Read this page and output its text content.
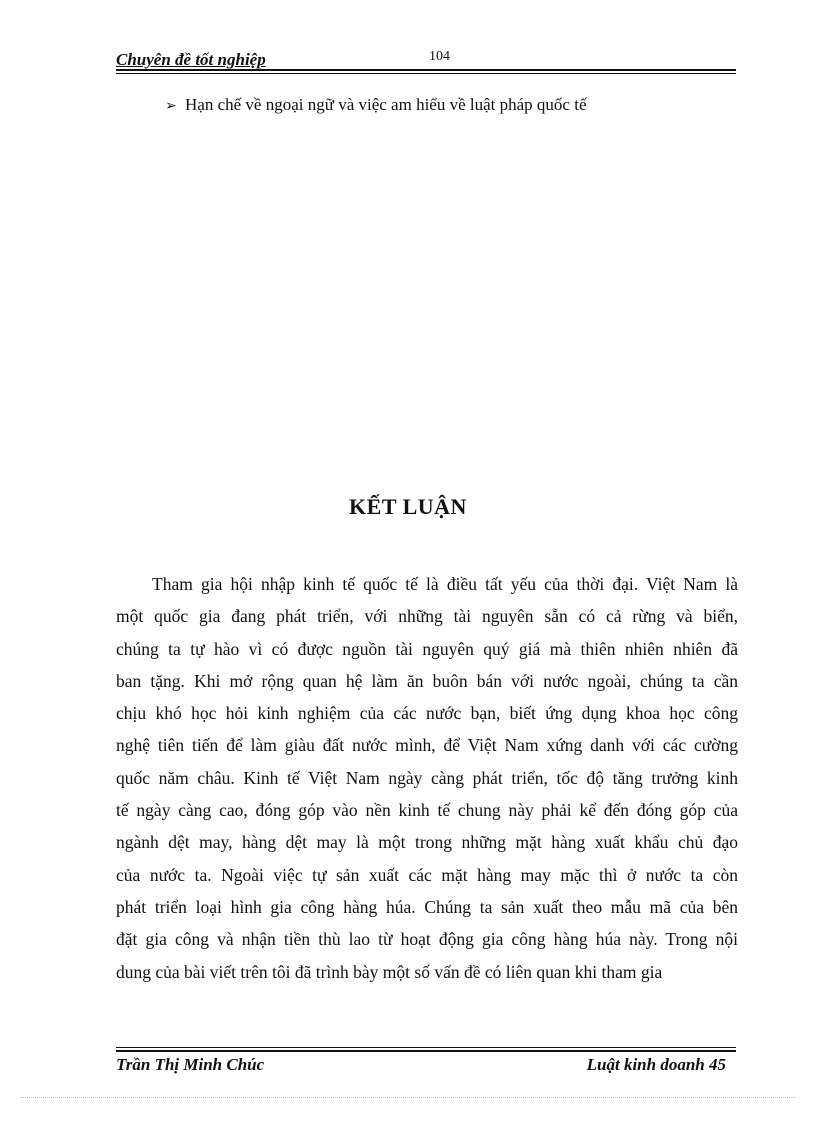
Chuyên đề tốt nghiệp	104
➢ Hạn chế về ngoại ngữ và việc am hiểu về luật pháp quốc tế
KẾT LUẬN
Tham gia hội nhập kinh tế quốc tế là điều tất yếu của thời đại. Việt Nam là
một quốc gia đang phát triển, với những tài nguyên sẵn có cả rừng và biển,
chúng ta tự hào vì có được nguồn tài nguyên quý giá mà thiên nhiên nhiên đã
ban tặng. Khi mở rộng quan hệ làm ăn buôn bán với nước ngoài, chúng ta cần
chịu khó học hỏi kinh nghiệm của các nước bạn, biết ứng dụng khoa học công
nghệ tiên tiến để làm giàu đất nước mình, để Việt Nam xứng danh với các cường
quốc năm châu. Kinh tế Việt Nam ngày càng phát triển, tốc độ tăng trưởng kinh
tế ngày càng cao, đóng góp vào nền kinh tế chung này phải kể đến đóng góp của
ngành dệt may, hàng dệt may là một trong những mặt hàng xuất khẩu chủ đạo
của nước ta. Ngoài việc tự sản xuất các mặt hàng may mặc thì ở nước ta còn
phát triển loại hình gia công hàng húa. Chúng ta sản xuất theo mẫu mã của bên
đặt gia công và nhận tiền thù lao từ hoạt động gia công hàng húa này. Trong nội
dung của bài viết trên tôi đã trình bày một số vấn đề có liên quan khi tham gia
Trần Thị Minh Chúc	Luật kinh doanh 45
